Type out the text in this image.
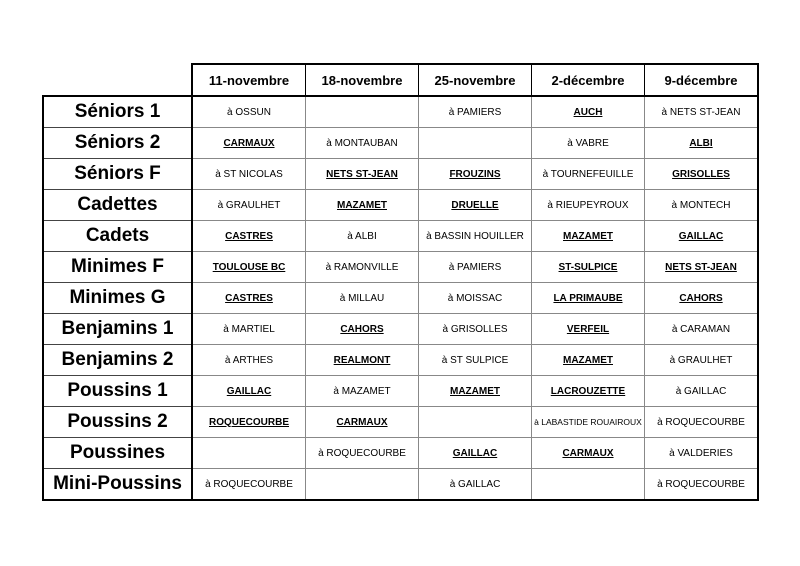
	11-novembre	18-novembre	25-novembre	2-décembre	9-décembre
Séniors 1	à OSSUN		à PAMIERS	AUCH	à NETS ST-JEAN
Séniors 2	CARMAUX	à MONTAUBAN		à VABRE	ALBI
Séniors F	à ST NICOLAS	NETS ST-JEAN	FROUZINS	à TOURNEFEUILLE	GRISOLLES
Cadettes	à GRAULHET	MAZAMET	DRUELLE	à RIEUPEYROUX	à MONTECH
Cadets	CASTRES	à ALBI	à BASSIN HOUILLER	MAZAMET	GAILLAC
Minimes F	TOULOUSE BC	à RAMONVILLE	à PAMIERS	ST-SULPICE	NETS ST-JEAN
Minimes G	CASTRES	à MILLAU	à MOISSAC	LA PRIMAUBE	CAHORS
Benjamins 1	à MARTIEL	CAHORS	à GRISOLLES	VERFEIL	à CARAMAN
Benjamins 2	à ARTHES	REALMONT	à ST SULPICE	MAZAMET	à GRAULHET
Poussins 1	GAILLAC	à MAZAMET	MAZAMET	LACROUZETTE	à GAILLAC
Poussins 2	ROQUECOURBE	CARMAUX		à LABASTIDE ROUAIROUX	à ROQUECOURBE
Poussines		à ROQUECOURBE	GAILLAC	CARMAUX	à VALDERIES
Mini-Poussins	à ROQUECOURBE		à GAILLAC		à ROQUECOURBE
